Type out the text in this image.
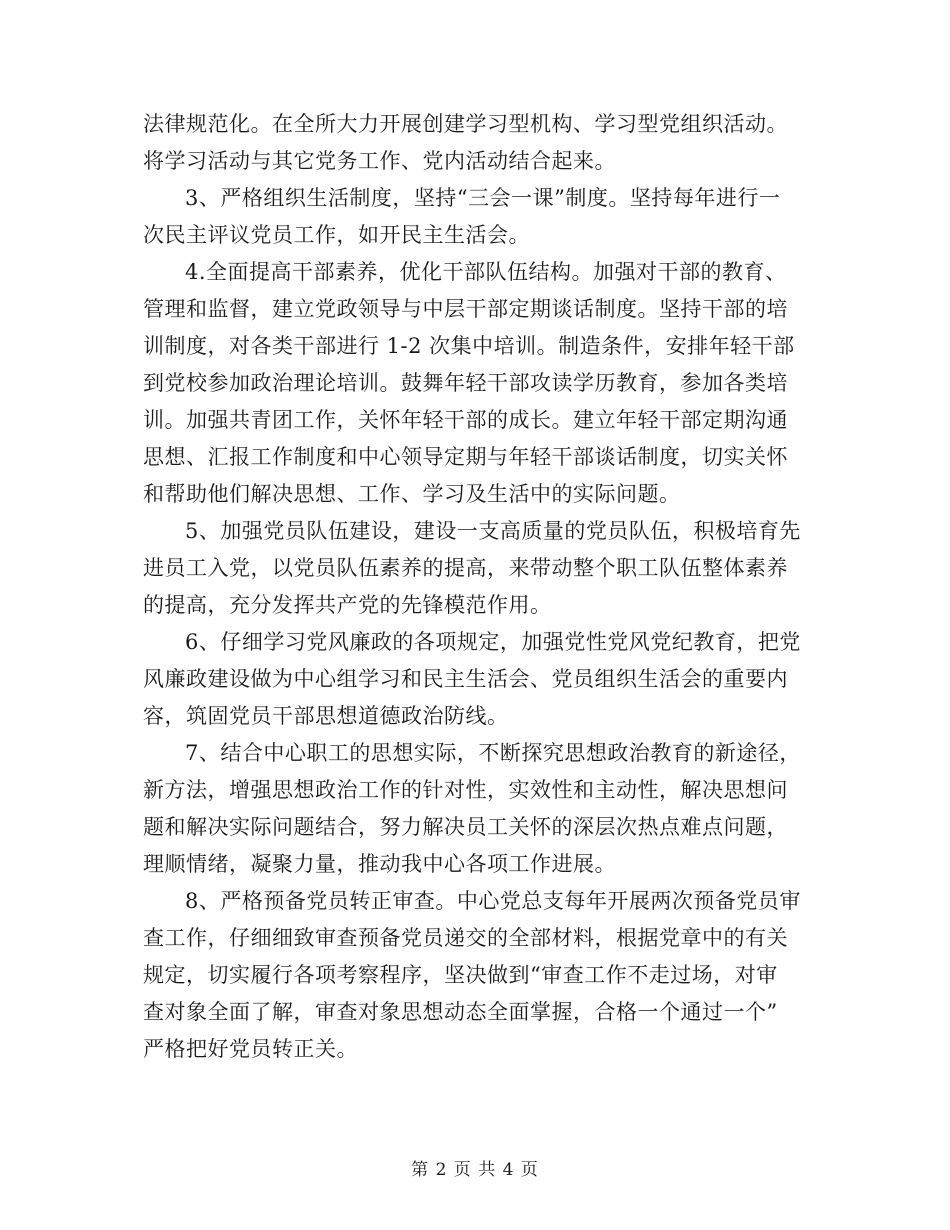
法律规范化。在全所大力开展创建学习型机构、学习型党组织活动。
将学习活动与其它党务工作、党内活动结合起来。
3、严格组织生活制度，坚持“三会一课”制度。坚持每年进行一
次民主评议党员工作，如开民主生活会。
4.全面提高干部素养，优化干部队伍结构。加强对干部的教育、
管理和监督，建立党政领导与中层干部定期谈话制度。坚持干部的培
训制度，对各类干部进行 1-2 次集中培训。制造条件，安排年轻干部
到党校参加政治理论培训。鼓舞年轻干部攻读学历教育，参加各类培
训。加强共青团工作，关怀年轻干部的成长。建立年轻干部定期沟通
思想、汇报工作制度和中心领导定期与年轻干部谈话制度，切实关怀
和帮助他们解决思想、工作、学习及生活中的实际问题。
5、加强党员队伍建设，建设一支高质量的党员队伍，积极培育先
进员工入党，以党员队伍素养的提高，来带动整个职工队伍整体素养
的提高，充分发挥共产党的先锋模范作用。
6、仔细学习党风廉政的各项规定，加强党性党风党纪教育，把党
风廉政建设做为中心组学习和民主生活会、党员组织生活会的重要内
容，筑固党员干部思想道德政治防线。
7、结合中心职工的思想实际，不断探究思想政治教育的新途径，
新方法，增强思想政治工作的针对性，实效性和主动性，解决思想问
题和解决实际问题结合，努力解决员工关怀的深层次热点难点问题，
理顺情绪，凝聚力量，推动我中心各项工作进展。
8、严格预备党员转正审查。中心党总支每年开展两次预备党员审
查工作，仔细细致审查预备党员递交的全部材料，根据党章中的有关
规定，切实履行各项考察程序，坚决做到“审查工作不走过场，对审
查对象全面了解，审查对象思想动态全面掌握，合格一个通过一个”
严格把好党员转正关。
第 2 页 共 4 页
